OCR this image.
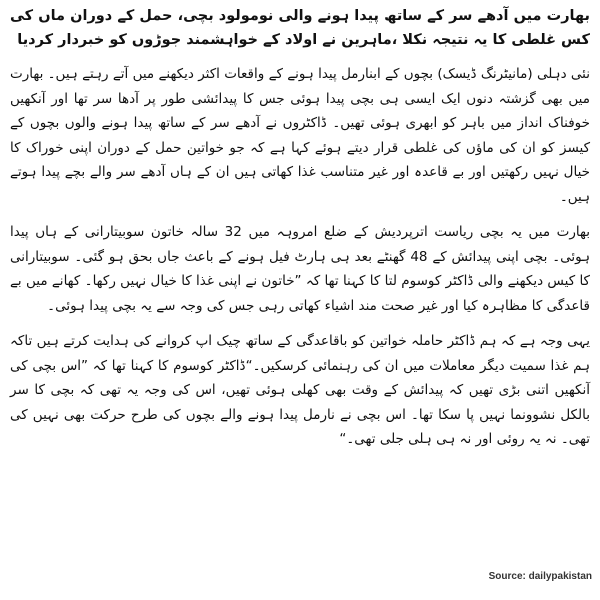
بھارت میں آدھے سر کے ساتھ پیدا ہونے والی نومولود بچی، حمل کے دوران ماں کی کس غلطی کا یہ نتیجہ نکلا ،ماہرین نے اولاد کے خواہشمند جوڑوں کو خبردار کردیا
نئی دہلی (مانیٹرنگ ڈیسک) بچوں کے ابنارمل پیدا ہونے کے واقعات اکثر دیکھنے میں آتے رہتے ہیں۔ بھارت میں بھی گزشتہ دنوں ایک ایسی ہی بچی پیدا ہوئی جس کا پیدائشی طور پر آدھا سر تھا اور آنکھیں خوفناک انداز میں باہر کو ابھری ہوئی تھیں۔ ڈاکٹروں نے آدھے سر کے ساتھ پیدا ہونے والوں بچوں کے کیسز کو ان کی ماؤں کی غلطی قرار دیتے ہوئے کہا ہے کہ جو خواتین حمل کے دوران اپنی خوراک کا خیال نہیں رکھتیں اور بے قاعدہ اور غیر متناسب غذا کھاتی ہیں ان کے ہاں آدھے سر والے بچے پیدا ہوتے ہیں۔
بھارت میں یہ بچی ریاست اترپردیش کے ضلع امروہہ میں 32 سالہ خاتون سوبیتارانی کے ہاں پیدا ہوئی۔ بچی اپنی پیدائش کے 48 گھنٹے بعد ہی ہارٹ فیل ہونے کے باعث جاں بحق ہو گئی۔ سوبیتارانی کا کیس دیکھنے والی ڈاکٹر کوسوم لتا کا کہنا تھا کہ ”خاتون نے اپنی غذا کا خیال نہیں رکھا۔ کھانے میں بے قاعدگی کا مظاہرہ کیا اور غیر صحت مند اشیاء کھاتی رہی جس کی وجہ سے یہ بچی پیدا ہوئی۔
یہی وجہ ہے کہ ہم ڈاکٹر حاملہ خواتین کو باقاعدگی کے ساتھ چیک اپ کروانے کی ہدایت کرتے ہیں تاکہ ہم غذا سمیت دیگر معاملات میں ان کی رہنمائی کرسکیں۔“ڈاکٹر کوسوم کا کہنا تھا کہ ”اس بچی کی آنکھیں اتنی بڑی تھیں کہ پیدائش کے وقت بھی کھلی ہوئی تھیں، اس کی وجہ یہ تھی کہ بچی کا سر بالکل نشوونما نہیں پا سکا تھا۔ اس بچی نے نارمل پیدا ہونے والے بچوں کی طرح حرکت بھی نہیں کی تھی۔ نہ یہ روئی اور نہ ہی ہلی جلی تھی۔“
Source: dailypakistan
